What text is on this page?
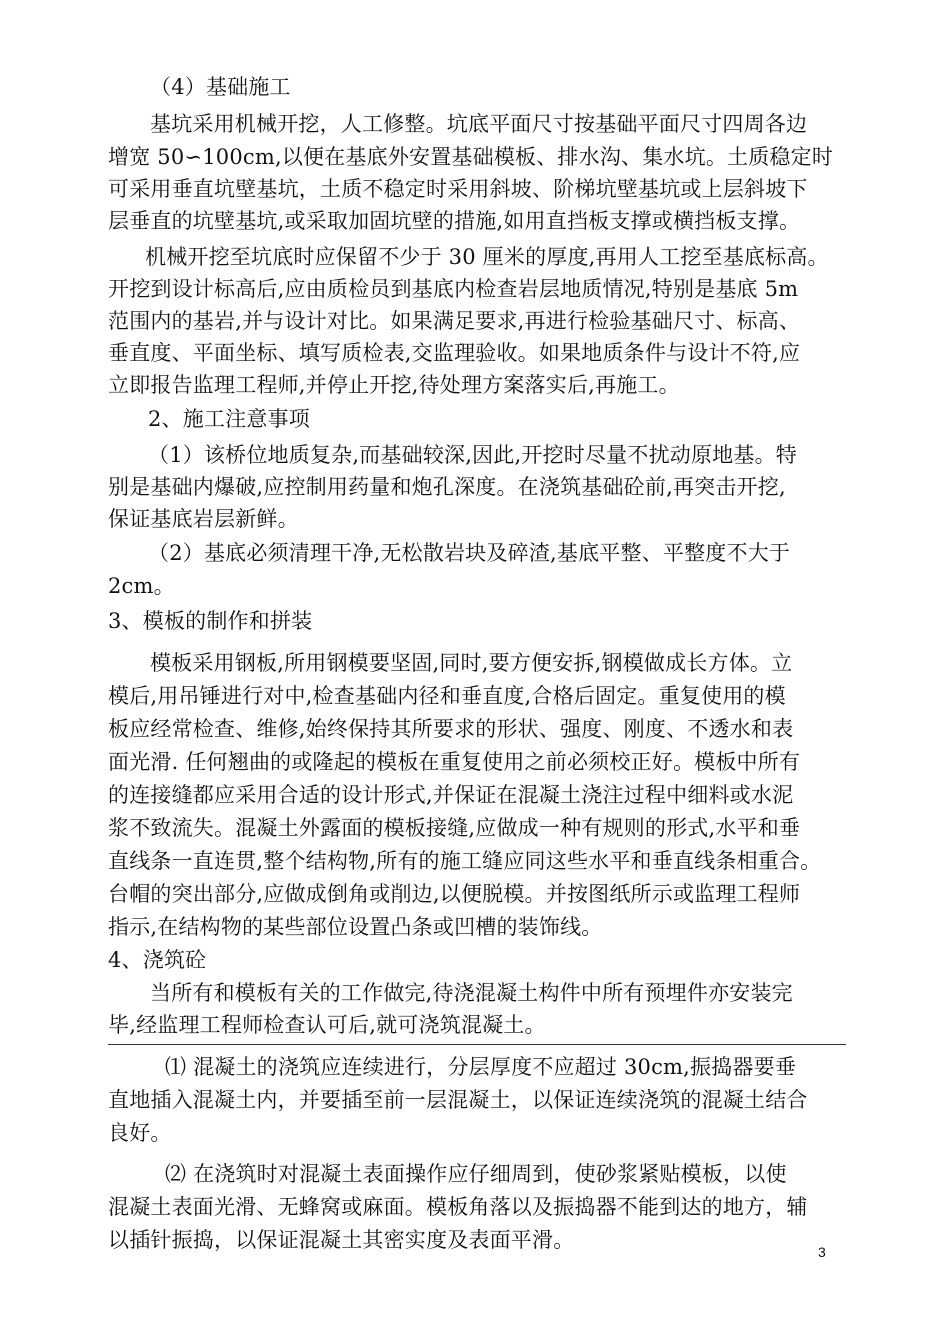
（4）基础施工
基坑采用机械开挖，人工修整。坑底平面尺寸按基础平面尺寸四周各边
增宽 50∽100cm,以便在基底外安置基础模板、排水沟、集水坑。土质稳定时
可采用垂直坑壁基坑，土质不稳定时采用斜坡、阶梯坑壁基坑或上层斜坡下
层垂直的坑壁基坑,或采取加固坑壁的措施,如用直挡板支撑或横挡板支撑。
机械开挖至坑底时应保留不少于 30 厘米的厚度,再用人工挖至基底标高。
开挖到设计标高后,应由质检员到基底内检查岩层地质情况,特别是基底 5m
范围内的基岩,并与设计对比。如果满足要求,再进行检验基础尺寸、标高、
垂直度、平面坐标、填写质检表,交监理验收。如果地质条件与设计不符,应
立即报告监理工程师,并停止开挖,待处理方案落实后,再施工。
2、施工注意事项
（1）该桥位地质复杂,而基础较深,因此,开挖时尽量不扰动原地基。特
别是基础内爆破,应控制用药量和炮孔深度。在浇筑基础砼前,再突击开挖,
保证基底岩层新鲜。
（2）基底必须清理干净,无松散岩块及碎渣,基底平整、平整度不大于
2cm。
3、模板的制作和拼装
模板采用钢板,所用钢模要坚固,同时,要方便安拆,钢模做成长方体。立
模后,用吊锤进行对中,检查基础内径和垂直度,合格后固定。重复使用的模
板应经常检查、维修,始终保持其所要求的形状、强度、刚度、不透水和表
面光滑. 任何翘曲的或隆起的模板在重复使用之前必须校正好。模板中所有
的连接缝都应采用合适的设计形式,并保证在混凝土浇注过程中细料或水泥
浆不致流失。混凝土外露面的模板接缝,应做成一种有规则的形式,水平和垂
直线条一直连贯,整个结构物,所有的施工缝应同这些水平和垂直线条相重合。
台帽的突出部分,应做成倒角或削边,以便脱模。并按图纸所示或监理工程师
指示,在结构物的某些部位设置凸条或凹槽的装饰线。
4、浇筑砼
当所有和模板有关的工作做完,待浇混凝土构件中所有预埋件亦安装完
毕,经监理工程师检查认可后,就可浇筑混凝土。
⑴ 混凝土的浇筑应连续进行，分层厚度不应超过 30cm,振捣器要垂
直地插入混凝土内，并要插至前一层混凝土，以保证连续浇筑的混凝土结合
良好。
⑵ 在浇筑时对混凝土表面操作应仔细周到，使砂浆紧贴模板，以使
混凝土表面光滑、无蜂窝或麻面。模板角落以及振捣器不能到达的地方，辅
以插针振捣，以保证混凝土其密实度及表面平滑。	3
